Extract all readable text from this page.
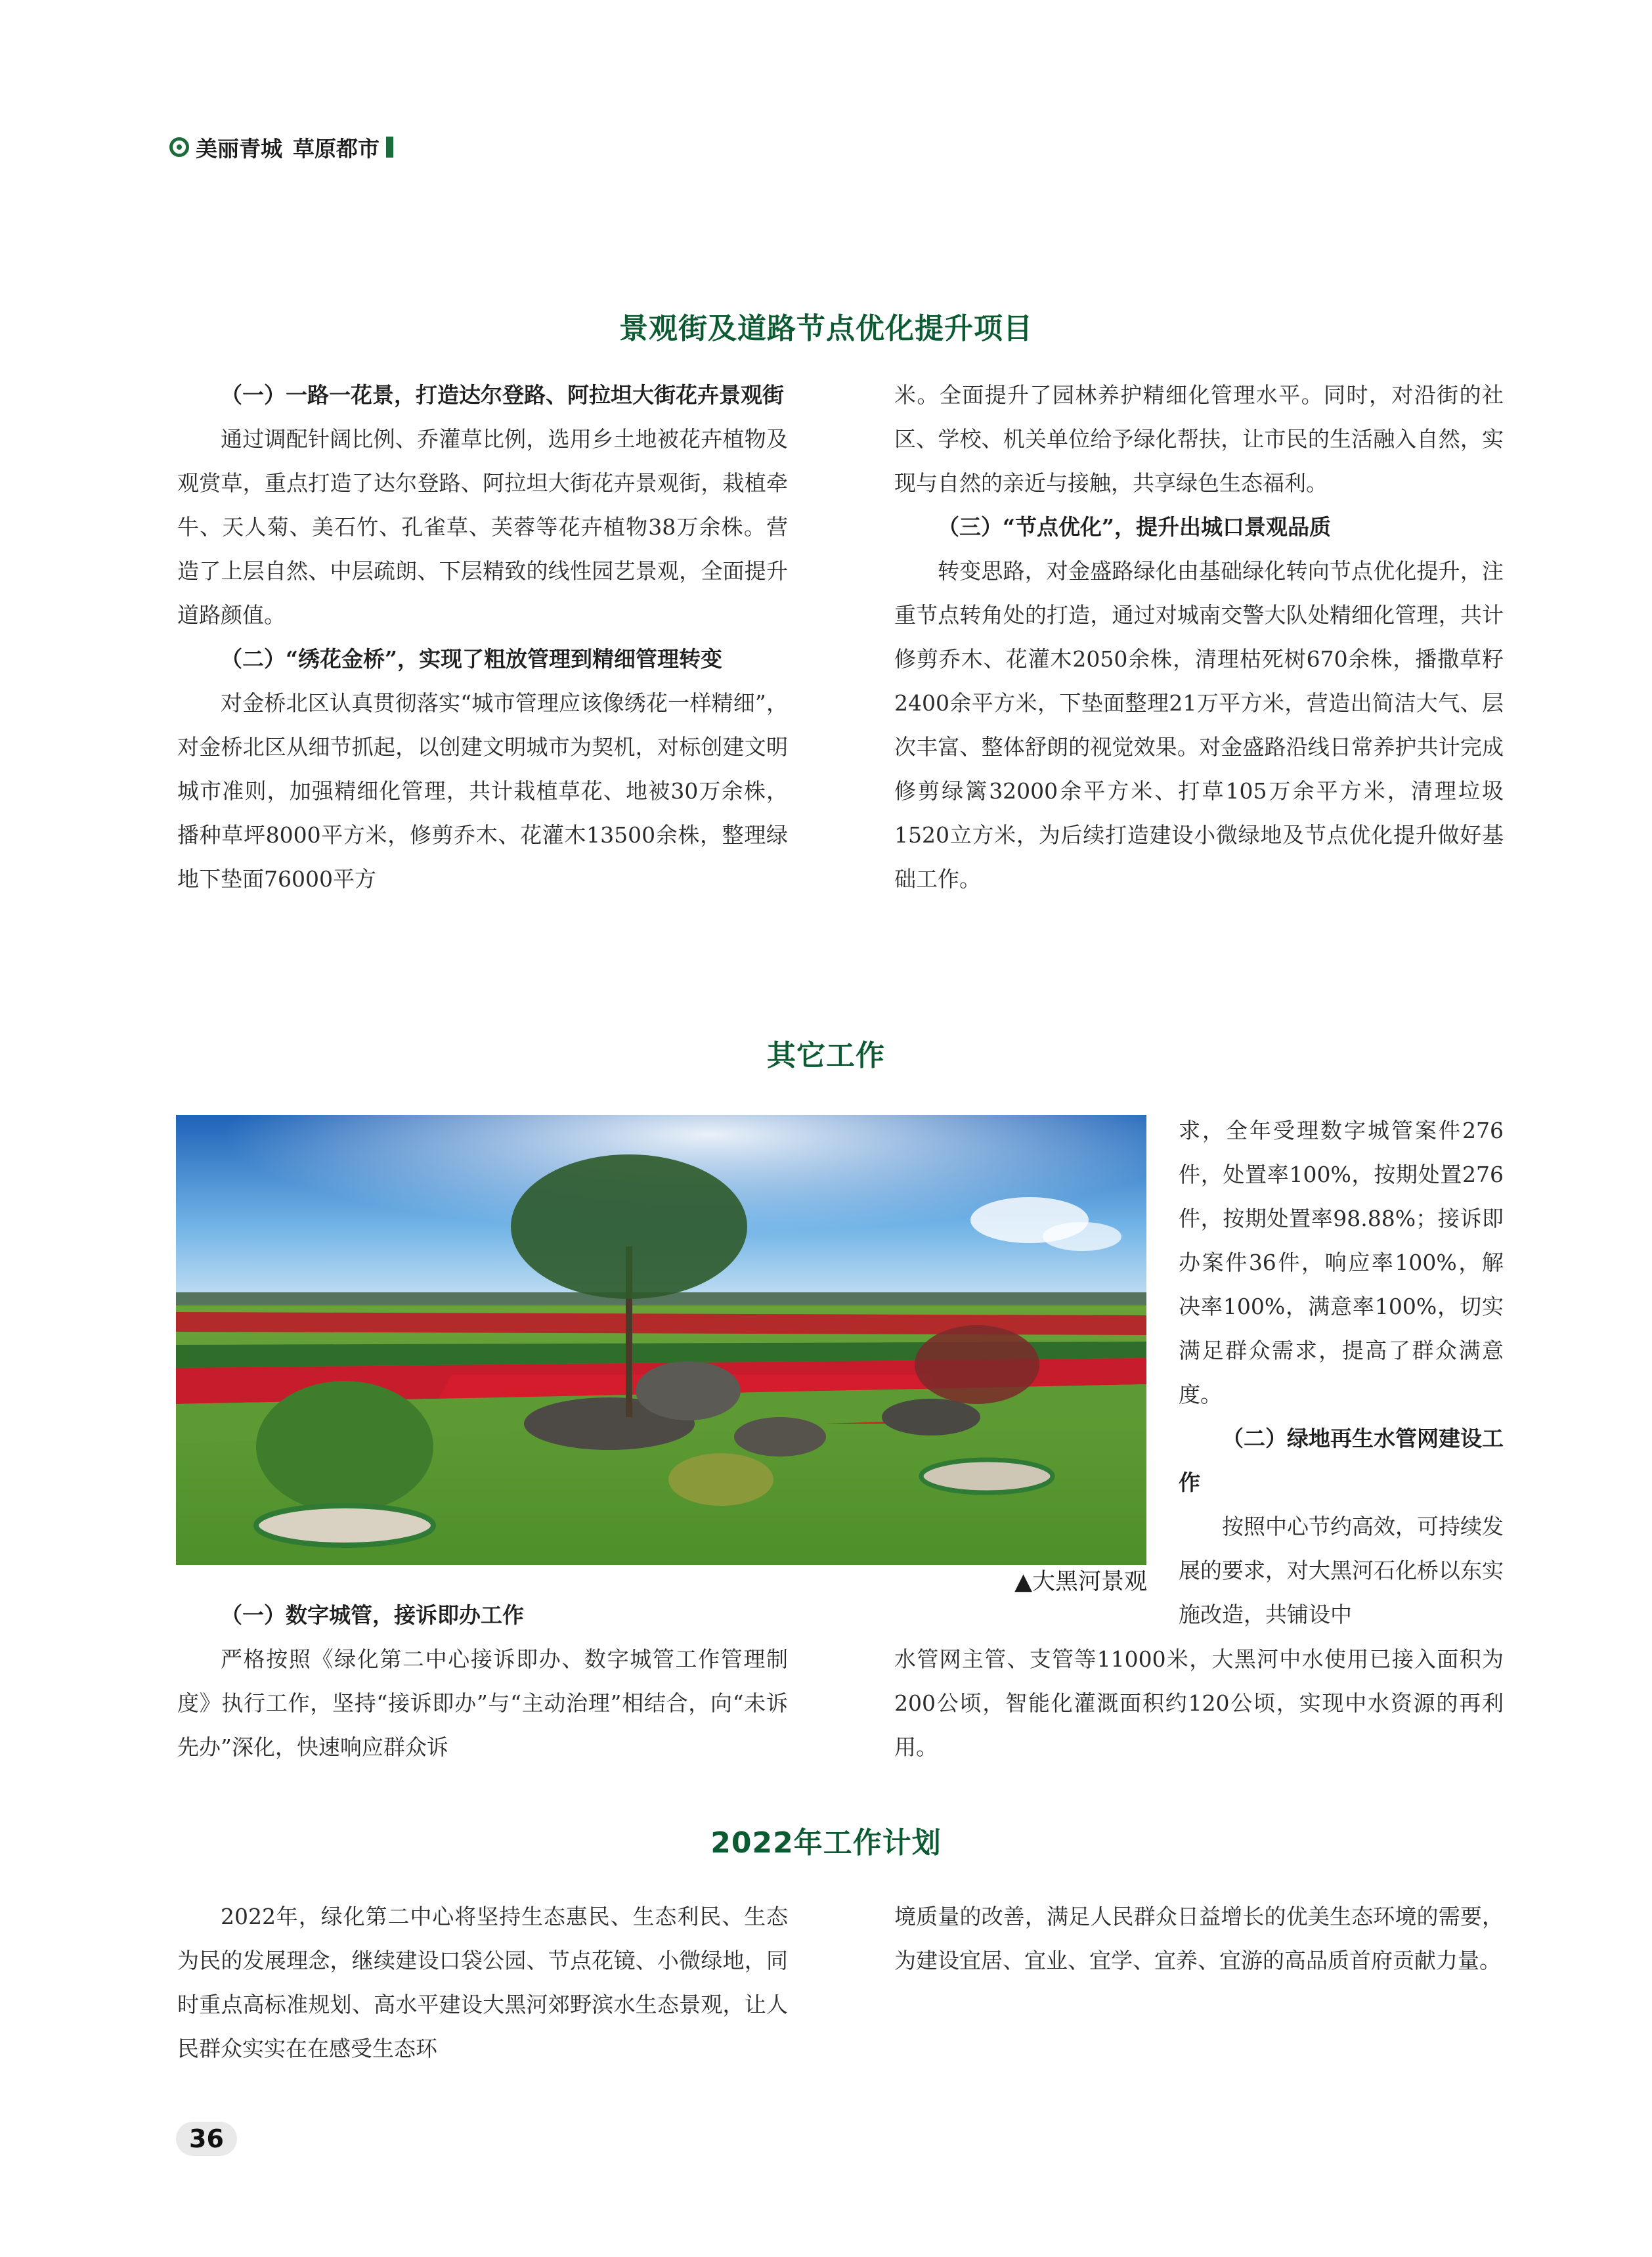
美丽青城 草原都市
景观街及道路节点优化提升项目

（一）一路一花景，打造达尔登路、阿拉坦大街花卉景观街

通过调配针阔比例、乔灌草比例，选用乡土地被花卉植物及观赏草，重点打造了达尔登路、阿拉坦大街花卉景观街，栽植牵牛、天人菊、美石竹、孔雀草、芙蓉等花卉植物38万余株。营造了上层自然、中层疏朗、下层精致的线性园艺景观，全面提升道路颜值。

（二）“绣花金桥”，实现了粗放管理到精细管理转变

对金桥北区认真贯彻落实“城市管理应该像绣花一样精细”，对金桥北区从细节抓起，以创建文明城市为契机，对标创建文明城市准则，加强精细化管理，共计栽植草花、地被30万余株，播种草坪8000平方米，修剪乔木、花灌木13500余株，整理绿地下垫面76000平方

米。全面提升了园林养护精细化管理水平。同时，对沿街的社区、学校、机关单位给予绿化帮扶，让市民的生活融入自然，实现与自然的亲近与接触，共享绿色生态福利。

（三）“节点优化”，提升出城口景观品质

转变思路，对金盛路绿化由基础绿化转向节点优化提升，注重节点转角处的打造，通过对城南交警大队处精细化管理，共计修剪乔木、花灌木2050余株，清理枯死树670余株，播撒草籽2400余平方米，下垫面整理21万平方米，营造出简洁大气、层次丰富、整体舒朗的视觉效果。对金盛路沿线日常养护共计完成修剪绿篱32000余平方米、打草105万余平方米，清理垃圾1520立方米，为后续打造建设小微绿地及节点优化提升做好基础工作。

其它工作
▲大黑河景观

求，全年受理数字城管案件276件，处置率100%，按期处置276件，按期处置率98.88%；接诉即办案件36件，响应率100%，解决率100%，满意率100%，切实满足群众需求，提高了群众满意度。

（二）绿地再生水管网建设工作

按照中心节约高效，可持续发展的要求，对大黑河石化桥以东实施改造，共铺设中

（一）数字城管，接诉即办工作

严格按照《绿化第二中心接诉即办、数字城管工作管理制度》执行工作，坚持“接诉即办”与“主动治理”相结合，向“未诉先办”深化，快速响应群众诉

水管网主管、支管等11000米，大黑河中水使用已接入面积为200公顷，智能化灌溉面积约120公顷，实现中水资源的再利用。

2022年工作计划

2022年，绿化第二中心将坚持生态惠民、生态利民、生态为民的发展理念，继续建设口袋公园、节点花镜、小微绿地，同时重点高标准规划、高水平建设大黑河郊野滨水生态景观，让人民群众实实在在感受生态环

境质量的改善，满足人民群众日益增长的优美生态环境的需要，为建设宜居、宜业、宜学、宜养、宜游的高品质首府贡献力量。

36
